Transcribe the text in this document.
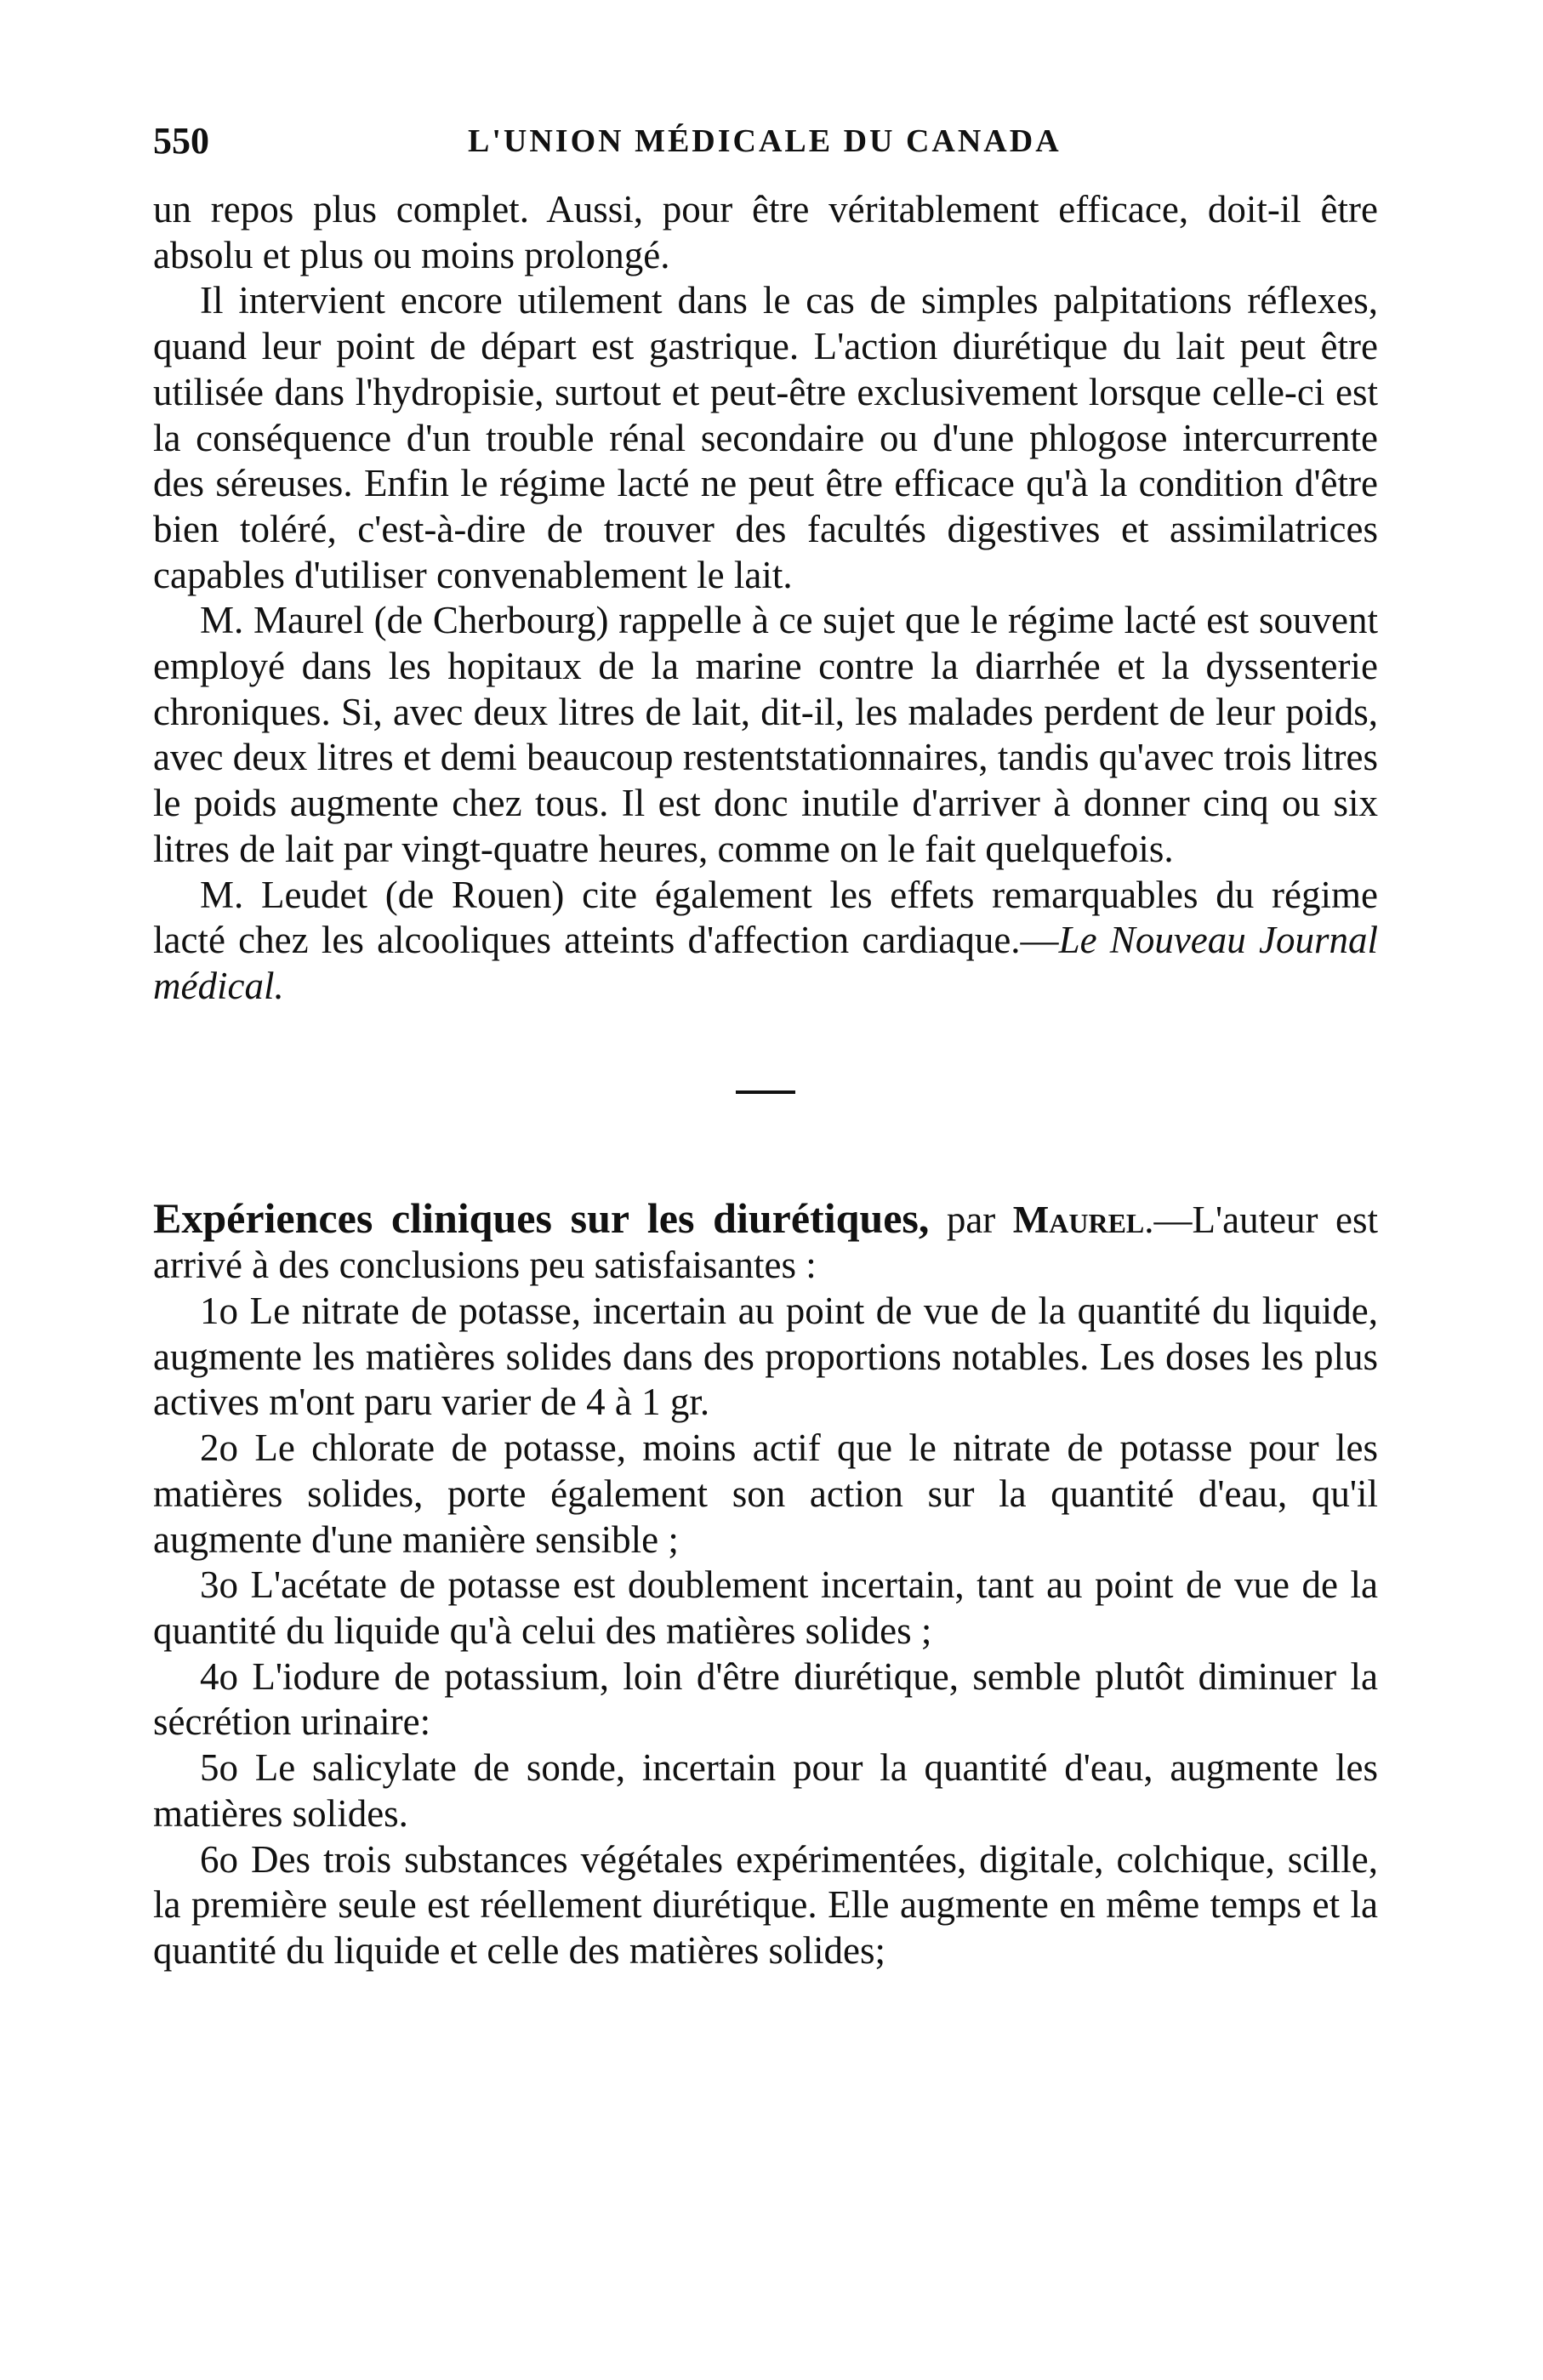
550	L'UNION MÉDICALE DU CANADA

un repos plus complet. Aussi, pour être véritablement efficace, doit-il être absolu et plus ou moins prolongé.

Il intervient encore utilement dans le cas de simples palpitations réflexes, quand leur point de départ est gastrique. L'action diurétique du lait peut être utilisée dans l'hydropisie, surtout et peut-être exclusivement lorsque celle-ci est la conséquence d'un trouble rénal secondaire ou d'une phlogose intercurrente des séreuses. Enfin le régime lacté ne peut être efficace qu'à la condition d'être bien toléré, c'est-à-dire de trouver des facultés digestives et assimilatrices capables d'utiliser convenablement le lait.

M. Maurel (de Cherbourg) rappelle à ce sujet que le régime lacté est souvent employé dans les hopitaux de la marine contre la diarrhée et la dyssenterie chroniques. Si, avec deux litres de lait, dit-il, les malades perdent de leur poids, avec deux litres et demi beaucoup restentstationnaires, tandis qu'avec trois litres le poids augmente chez tous. Il est donc inutile d'arriver à donner cinq ou six litres de lait par vingt-quatre heures, comme on le fait quelquefois.

M. Leudet (de Rouen) cite également les effets remarquables du régime lacté chez les alcooliques atteints d'affection cardiaque.—Le Nouveau Journal médical.

Expériences cliniques sur les diurétiques, par Maurel.—L'auteur est arrivé à des conclusions peu satisfaisantes :

1o Le nitrate de potasse, incertain au point de vue de la quantité du liquide, augmente les matières solides dans des proportions notables. Les doses les plus actives m'ont paru varier de 4 à 1 gr.

2o Le chlorate de potasse, moins actif que le nitrate de potasse pour les matières solides, porte également son action sur la quantité d'eau, qu'il augmente d'une manière sensible ;

3o L'acétate de potasse est doublement incertain, tant au point de vue de la quantité du liquide qu'à celui des matières solides ;

4o L'iodure de potassium, loin d'être diurétique, semble plutôt diminuer la sécrétion urinaire:

5o Le salicylate de sonde, incertain pour la quantité d'eau, augmente les matières solides.

6o Des trois substances végétales expérimentées, digitale, colchique, scille, la première seule est réellement diurétique. Elle augmente en même temps et la quantité du liquide et celle des matières solides;
